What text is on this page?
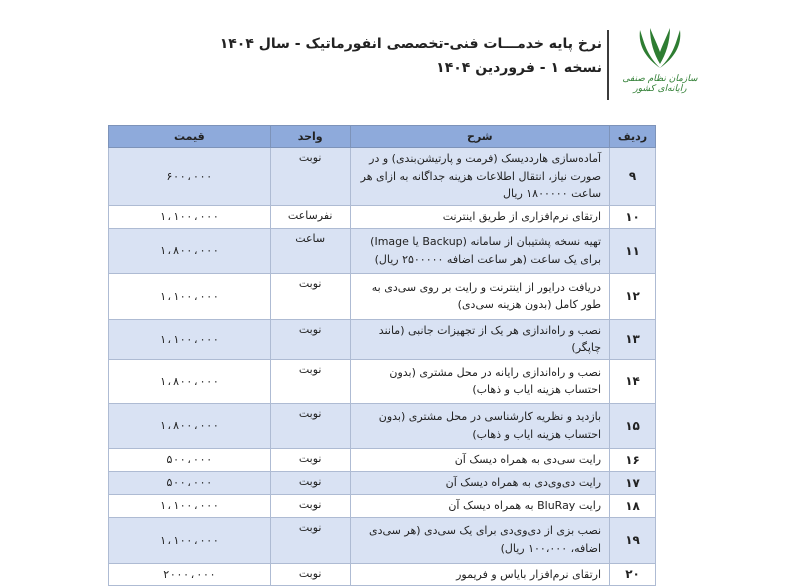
سازمان نظام صنفی رایانه‌ای کشور
نرخ پایه خدمـــات فنی-تخصصی انفورماتیک - سال ۱۴۰۴
نسخه ۱ - فروردین ۱۴۰۴
ردیف	شرح	واحد	قیمت
۹	آماده‌سازی هارددیسک (فرمت و پارتیشن‌بندی) و در صورت نیاز، انتقال اطلاعات هزینه جداگانه به ازای هر ساعت ۱۸۰۰۰۰۰ ریال	نوبت	۶۰۰،۰۰۰
۱۰	ارتقای نرم‌افزاری از طریق اینترنت	نفرساعت	۱،۱۰۰،۰۰۰
۱۱	تهیه نسخه پشتیبان از سامانه (Backup یا Image) برای یک ساعت (هر ساعت اضافه ۲۵۰۰۰۰۰ ریال)	ساعت	۱،۸۰۰،۰۰۰
۱۲	دریافت درایور از اینترنت و رایت بر روی سی‌دی به طور کامل (بدون هزینه سی‌دی)	نوبت	۱،۱۰۰،۰۰۰
۱۳	نصب و راه‌اندازی هر یک از تجهیزات جانبی (مانند چاپگر)	نوبت	۱،۱۰۰،۰۰۰
۱۴	نصب و راه‌اندازی رایانه در محل مشتری (بدون احتساب هزینه ایاب و ذهاب)	نوبت	۱،۸۰۰،۰۰۰
۱۵	بازدید و نظریه کارشناسی در محل مشتری (بدون احتساب هزینه ایاب و ذهاب)	نوبت	۱،۸۰۰،۰۰۰
۱۶	رایت سی‌دی به همراه دیسک آن	نوبت	۵۰۰،۰۰۰
۱۷	رایت دی‌وی‌دی به همراه دیسک آن	نوبت	۵۰۰،۰۰۰
۱۸	رایت BluRay به همراه دیسک آن	نوبت	۱،۱۰۰،۰۰۰
۱۹	نصب بزی از دی‌وی‌دی برای یک سی‌دی (هر سی‌دی اضافه، ۱۰۰،۰۰۰ ریال)	نوبت	۱،۱۰۰،۰۰۰
۲۰	ارتقای نرم‌افزار بایاس و فریمور	نوبت	۲۰۰۰،۰۰۰
